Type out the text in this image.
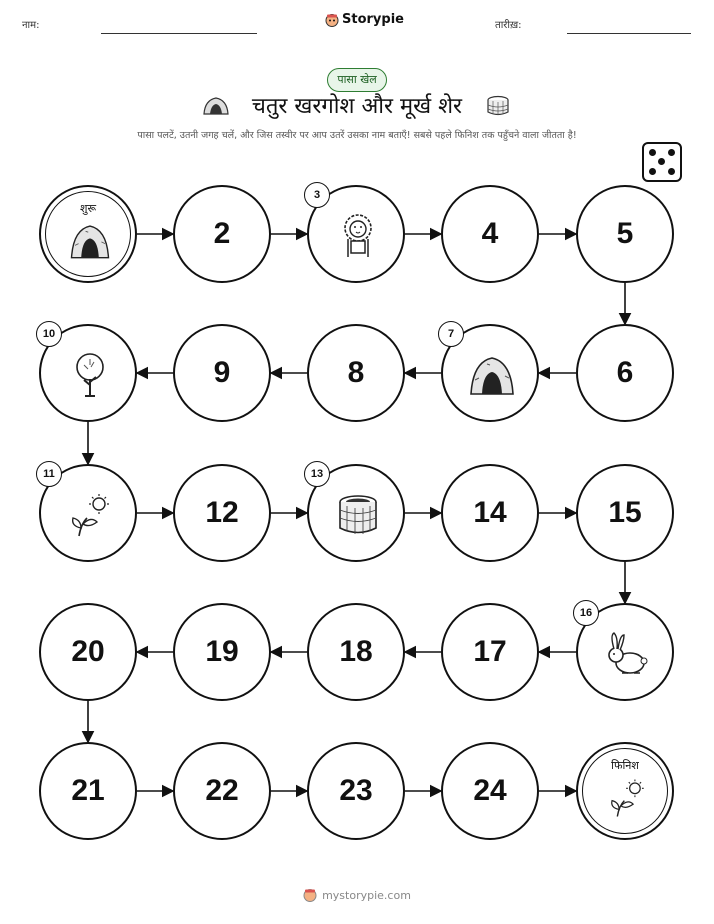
नाम:	Storypie	तारीख़:
पासा खेल
चतुर खरगोश और मूर्ख शेर
पासा पलटें, उतनी जगह चलें, और जिस तस्वीर पर आप उतरें उसका नाम बताएँ! सबसे पहले फिनिश तक पहुँचने वाला जीतता है!
शुरू
2
3
4	5
6
7
8
9
10
11
12
13
14	15
16
17
18
19
20
21	22	23	24
फिनिश
mystorypie.com
